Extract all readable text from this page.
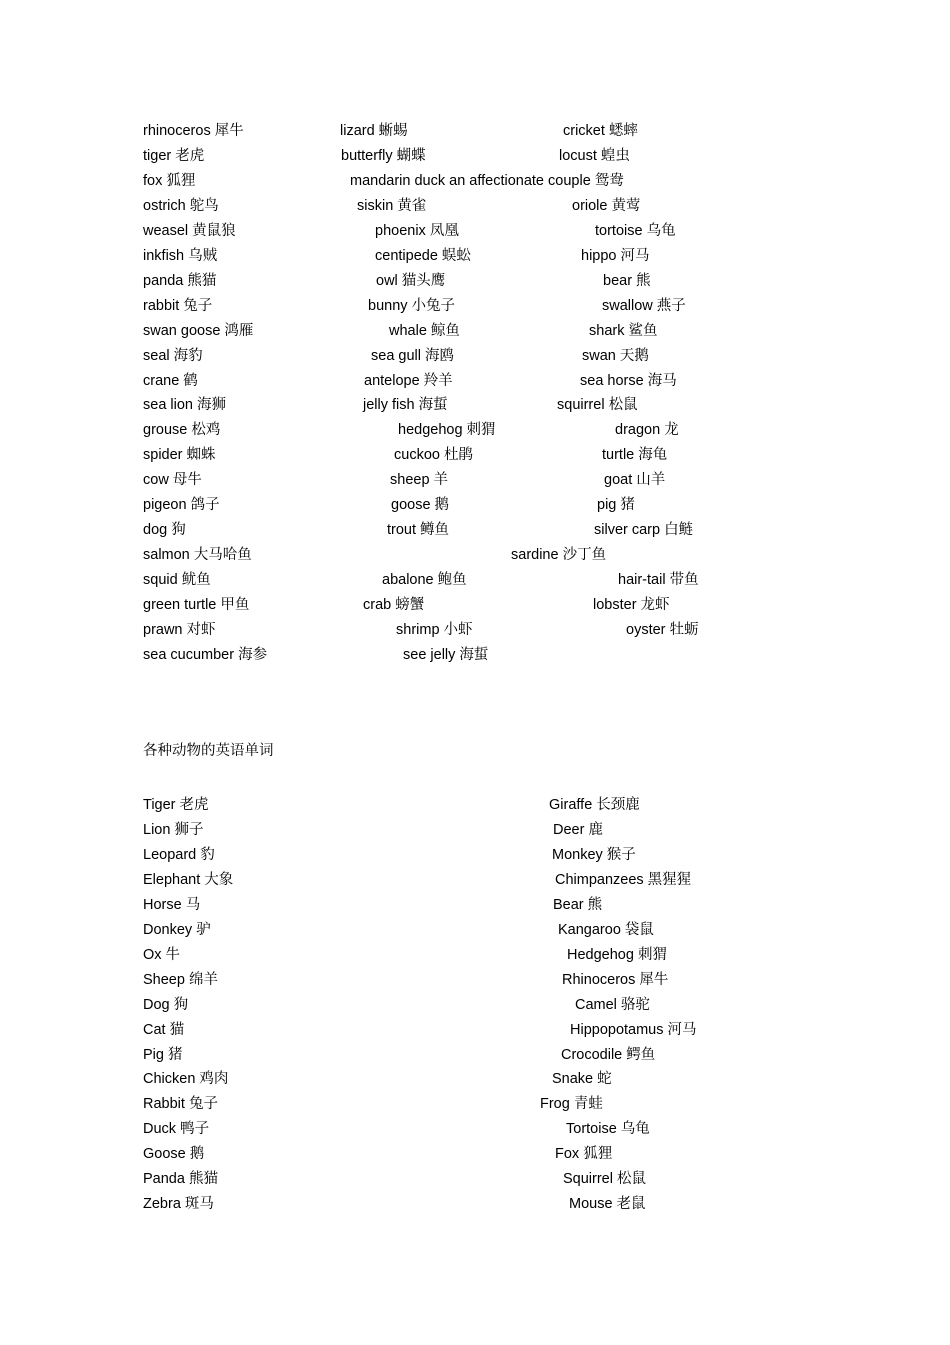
rhinoceros 犀牛	lizard 蜥蜴	cricket 蟋蟀
tiger 老虎	butterfly 蝴蝶	locust 蝗虫
fox 狐狸	mandarin duck an affectionate couple 鸳鸯
ostrich 鸵鸟	siskin 黄雀	oriole 黄莺
weasel 黄鼠狼	phoenix 凤凰	tortoise 乌龟
inkfish 乌贼	centipede 蜈蚣	hippo 河马
panda 熊猫	owl 猫头鹰	bear 熊
rabbit 兔子	bunny 小兔子	swallow 燕子
swan goose 鸿雁	whale 鲸鱼	shark 鲨鱼
seal 海豹	sea gull 海鸥	swan 天鹅
crane 鹤	antelope 羚羊	sea horse 海马
sea lion 海狮	jelly fish 海蜇	squirrel 松鼠
grouse 松鸡	hedgehog 刺猬	dragon 龙
spider 蜘蛛	cuckoo 杜鹃	turtle 海龟
cow 母牛	sheep 羊	goat 山羊
pigeon 鸽子	goose 鹅	pig 猪
dog 狗	trout 鳟鱼	silver carp 白鲢
salmon 大马哈鱼	sardine 沙丁鱼
squid 鱿鱼	abalone 鲍鱼	hair-tail 带鱼
green turtle 甲鱼	crab 螃蟹	lobster 龙虾
prawn 对虾	shrimp 小虾	oyster 牡蛎
sea cucumber 海参	see jelly 海蜇
各种动物的英语单词
Tiger 老虎	Giraffe 长颈鹿
Lion 狮子	Deer 鹿
Leopard 豹	Monkey 猴子
Elephant 大象	Chimpanzees 黑猩猩
Horse 马	Bear 熊
Donkey 驴	Kangaroo 袋鼠
Ox 牛	Hedgehog 刺猬
Sheep 绵羊	Rhinoceros 犀牛
Dog 狗	Camel 骆驼
Cat 猫	Hippopotamus 河马
Pig 猪	Crocodile 鳄鱼
Chicken 鸡肉	Snake 蛇
Rabbit 兔子	Frog 青蛙
Duck 鸭子	Tortoise 乌龟
Goose 鹅	Fox 狐狸
Panda 熊猫	Squirrel 松鼠
Zebra 斑马	Mouse 老鼠
